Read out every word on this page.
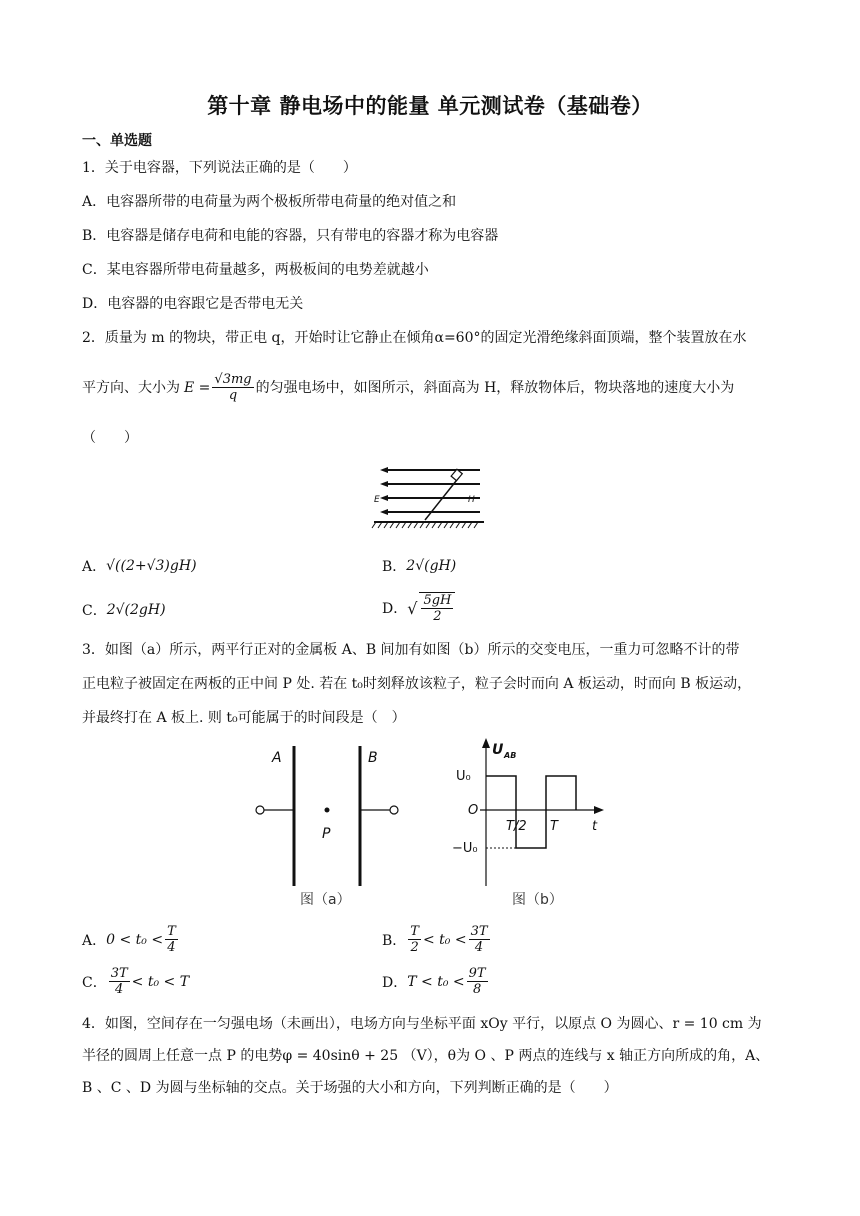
第十章 静电场中的能量 单元测试卷（基础卷）
一、单选题
1．关于电容器，下列说法正确的是（　　）
A．电容器所带的电荷量为两个极板所带电荷量的绝对值之和
B．电容器是储存电荷和电能的容器，只有带电的容器才称为电容器
C．某电容器所带电荷量越多，两极板间的电势差就越小
D．电容器的电容跟它是否带电无关
2．质量为 m 的物块，带正电 q，开始时让它静止在倾角α=60°的固定光滑绝缘斜面顶端，整个装置放在水
平方向、大小为 $E = \frac{√3mg}{q}$ 的匀强电场中，如图所示，斜面高为 H，释放物体后，物块落地的速度大小为
（　　）
E	H
A． √((2+√3)gH)	B． 2√(gH)
C． 2√(2gH)	D． √ $\frac{5gH}{2}$
3．如图（a）所示，两平行正对的金属板 A、B 间加有如图（b）所示的交变电压，一重力可忽略不计的带
正电粒子被固定在两板的正中间 P 处. 若在 t₀时刻释放该粒子，粒子会时而向 A 板运动，时而向 B 板运动，
并最终打在 A 板上. 则 t₀可能属于的时间段是（　）
A	B
P
图（a）
U AB
U₀
O
−U₀
T/2 T	t
图（b）
A． $0 < t_0 < \frac{T}{4}$	B． $\frac{T}{2} < t_0 < \frac{3T}{4}$
C． $\frac{3T}{4} < t_0 < T$	D． $T < t_0 < \frac{9T}{8}$
4．如图，空间存在一匀强电场（未画出），电场方向与坐标平面 xOy 平行，以原点 O 为圆心、r = 10 cm 为
半径的圆周上任意一点 P 的电势φ = 40sinθ + 25 （V），θ为 O 、P 两点的连线与 x 轴正方向所成的角，A、
B 、C 、D 为圆与坐标轴的交点。关于场强的大小和方向，下列判断正确的是（　　）
